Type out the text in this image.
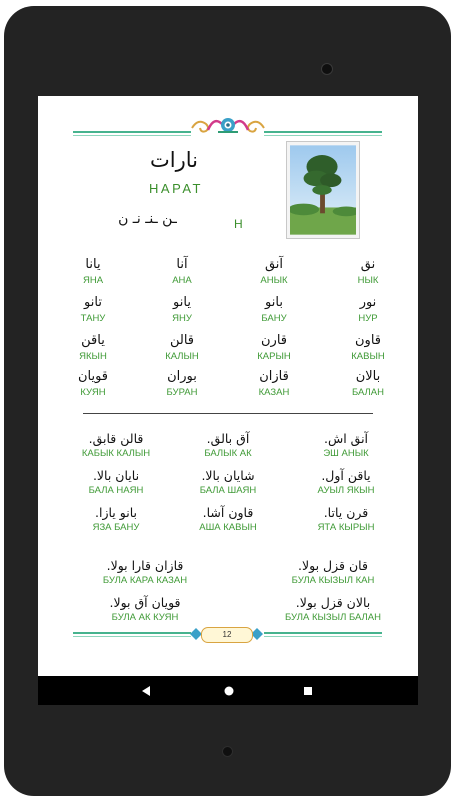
نارات
НАРАТ
ـن ـنـ نـ ن	Н
نق
НЫК
آنق
АНЫК
آنا
АНА
يانا
ЯНА
نور
НУР
بانو
БАНУ
يانو
ЯНУ
تانو
ТАНУ
قاون
КАВЫН
قارن
КАРЫН
قالن
КАЛЫН
ياقن
ЯКЫН
بالان
БАЛАН
قازان
КАЗАН
بوران
БУРАН
قويان
КУЯН
آنق اش.
ЭШ АНЫК
آق بالق.
БАЛЫК АК
قالن قابق.
КАБЫК КАЛЫН
ياقن آول.
АУЫЛ ЯКЫН
شايان بالا.
БАЛА ШАЯН
نايان بالا.
БАЛА НАЯН
قرن ياتا.
ЯТА КЫРЫН
قاون آشا.
АША КАВЫН
بانو يازا.
ЯЗА БАНУ
قان قزل بولا.
БУЛА КЫЗЫЛ КАН
قازان قارا بولا.
БУЛА КАРА КАЗАН
بالان قزل بولا.
БУЛА КЫЗЫЛ БАЛАН
قويان آق بولا.
БУЛА АК КУЯН
12
